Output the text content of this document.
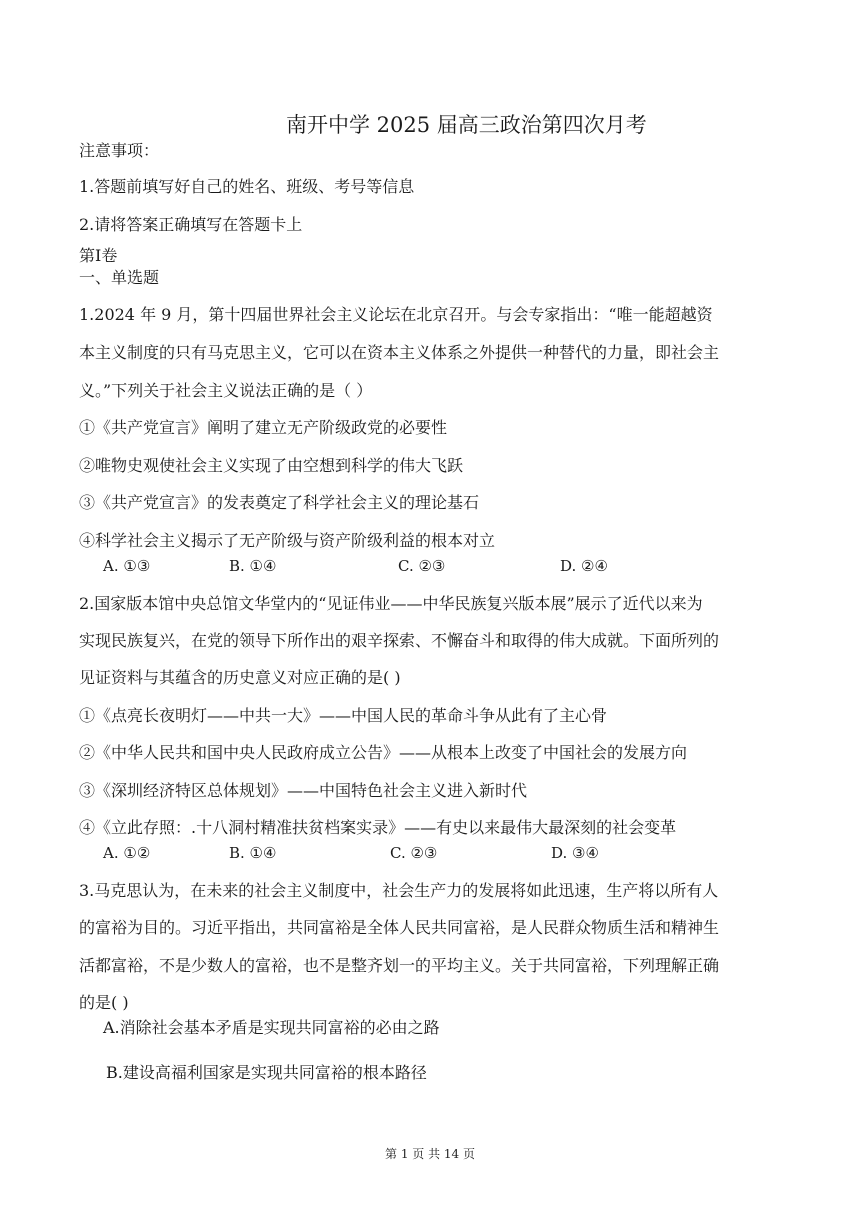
南开中学 2025 届高三政治第四次月考
注意事项：
1.答题前填写好自己的姓名、班级、考号等信息
2.请将答案正确填写在答题卡上
第Ⅰ卷
一、单选题
1.2024 年 9 月，第十四届世界社会主义论坛在北京召开。与会专家指出：“唯一能超越资
本主义制度的只有马克思主义，它可以在资本主义体系之外提供一种替代的力量，即社会主
义。”下列关于社会主义说法正确的是（ ）
①《共产党宣言》阐明了建立无产阶级政党的必要性
②唯物史观使社会主义实现了由空想到科学的伟大飞跃
③《共产党宣言》的发表奠定了科学社会主义的理论基石
④科学社会主义揭示了无产阶级与资产阶级利益的根本对立
A. ①③	B. ①④	C. ②③	D. ②④
2.国家版本馆中央总馆文华堂内的“见证伟业——中华民族复兴版本展”展示了近代以来为
实现民族复兴，在党的领导下所作出的艰辛探索、不懈奋斗和取得的伟大成就。下面所列的
见证资料与其蕴含的历史意义对应正确的是( )
①《点亮长夜明灯——中共一大》——中国人民的革命斗争从此有了主心骨
②《中华人民共和国中央人民政府成立公告》——从根本上改变了中国社会的发展方向
③《深圳经济特区总体规划》——中国特色社会主义进入新时代
④《立此存照：.十八洞村精准扶贫档案实录》——有史以来最伟大最深刻的社会变革
A. ①②	B. ①④	C. ②③	D. ③④
3.马克思认为，在未来的社会主义制度中，社会生产力的发展将如此迅速，生产将以所有人
的富裕为目的。习近平指出，共同富裕是全体人民共同富裕，是人民群众物质生活和精神生
活都富裕，不是少数人的富裕，也不是整齐划一的平均主义。关于共同富裕，下列理解正确
的是( )
A.消除社会基本矛盾是实现共同富裕的必由之路
B.建设高福利国家是实现共同富裕的根本路径
第 1 页 共 14 页
